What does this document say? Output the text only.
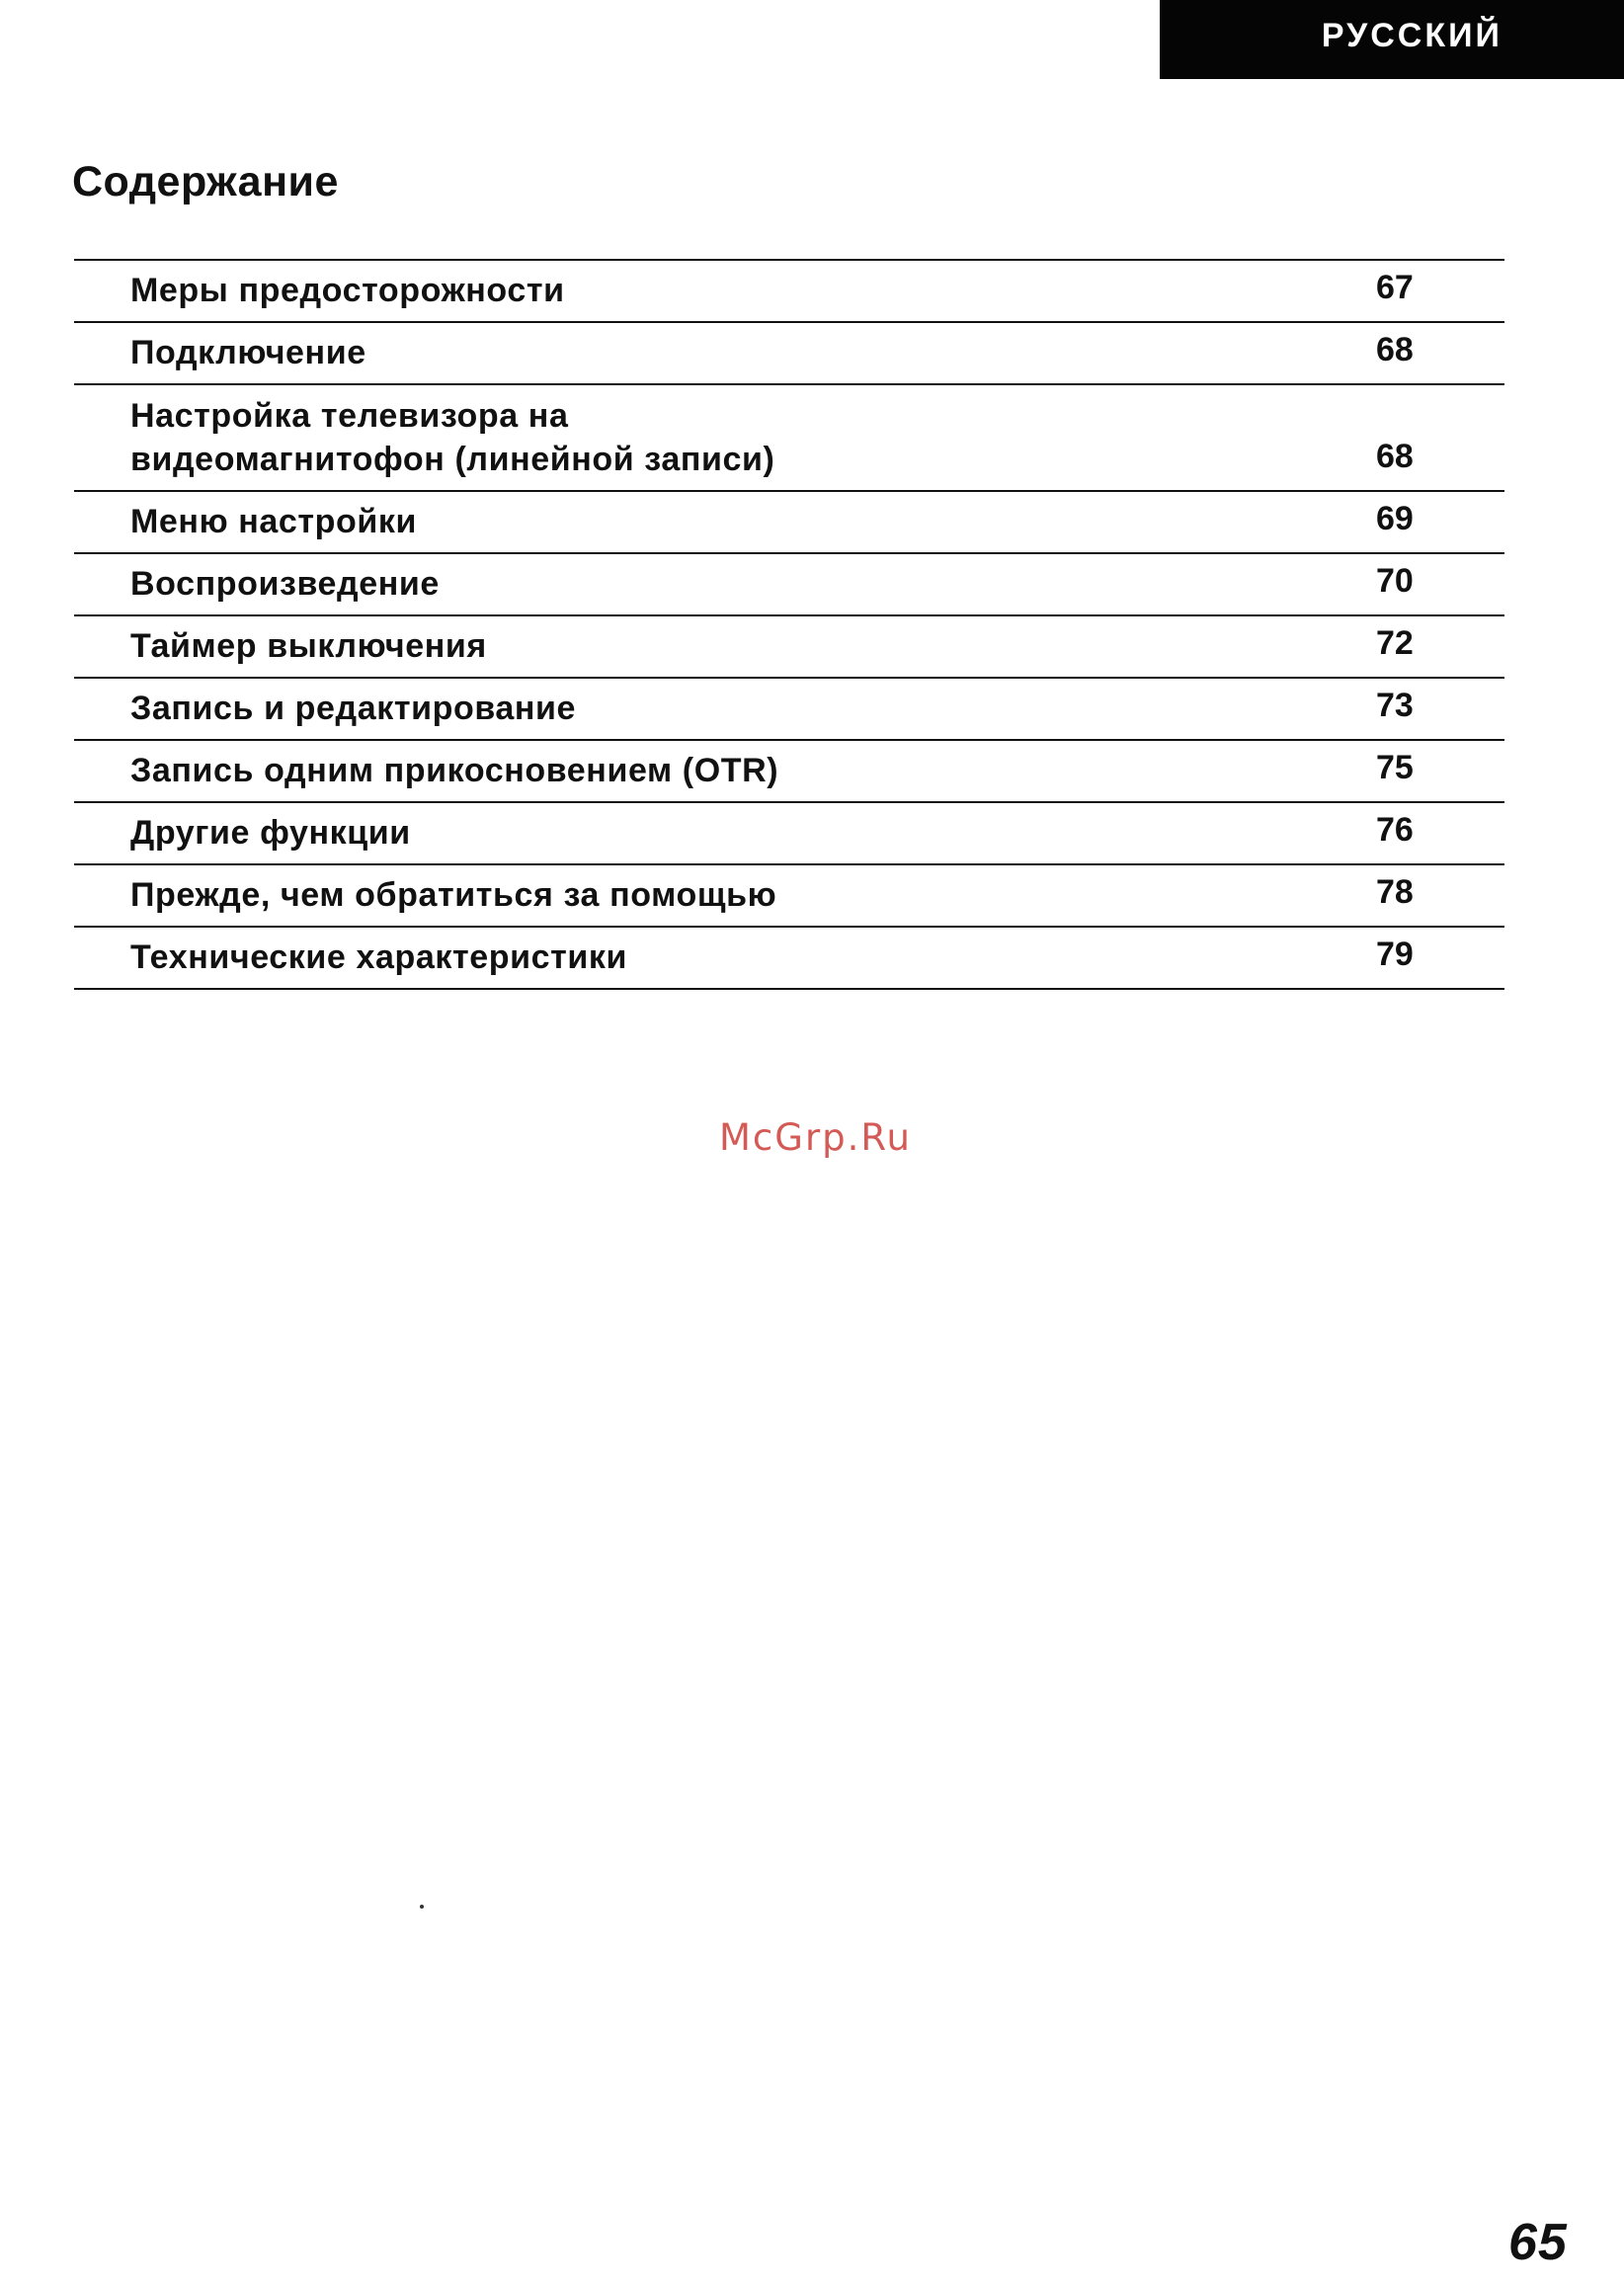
РУССКИЙ
Содержание
Меры предосторожности	67
Подключение	68
Настройка телевизора на
видеомагнитофон (линейной записи)	68
Меню настройки	69
Воспроизведение	70
Таймер выключения	72
Запись и редактирование	73
Запись одним прикосновением (OTR)	75
Другие функции	76
Прежде, чем обратиться за помощью	78
Технические характеристики	79
McGrp.Ru
65
